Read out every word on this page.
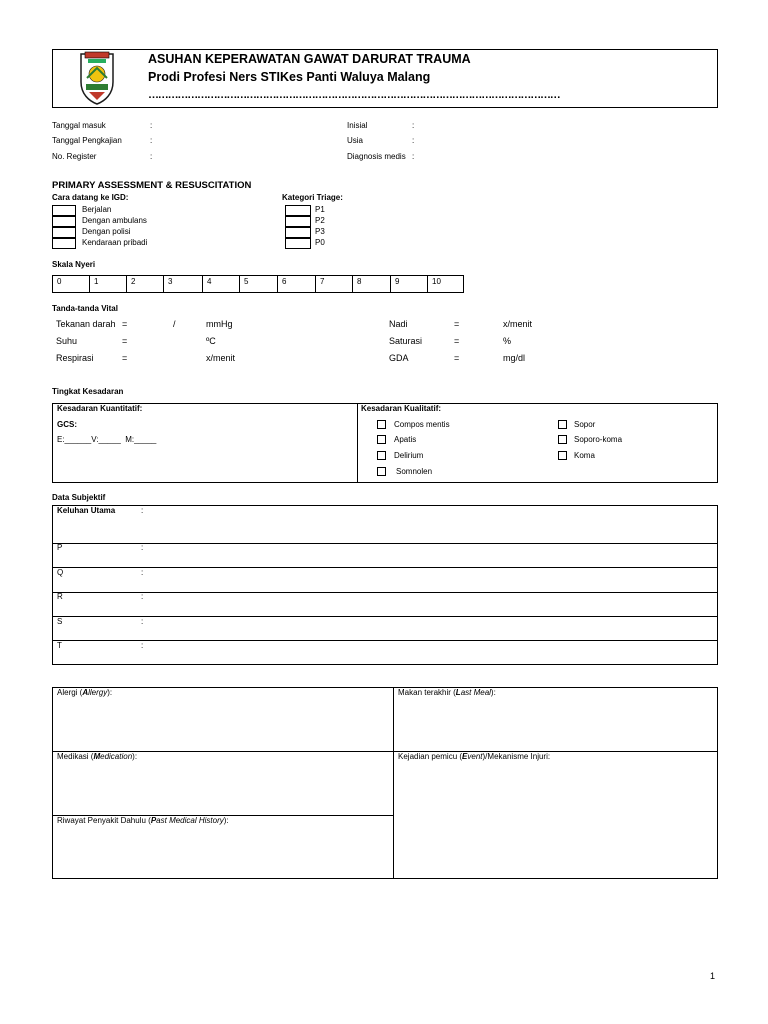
ASUHAN KEPERAWATAN GAWAT DARURAT TRAUMA
Prodi Profesi Ners STIKes Panti Waluya Malang
………………………………………………………………………………………………………………
Tanggal masuk	:
Tanggal Pengkajian	:
No. Register	:
Inisial	:
Usia	:
Diagnosis medis :
PRIMARY ASSESSMENT & RESUSCITATION
Cara datang ke IGD:
Berjalan
Dengan ambulans
Dengan polisi
Kendaraan pribadi
Kategori Triage:
P1
P2
P3
P0
Skala Nyeri
0	1	2	3	4	5	6	7	8	9	10
Tanda-tanda Vital
Tekanan darah =	/	mmHg	Nadi	=	x/menit
Suhu	=	ºC	Saturasi	=	%
Respirasi	=	x/menit	GDA	=	mg/dl
Tingkat Kesadaran
Kesadaran Kuantitatif:
GCS:
E:______V:_____  M:_____
Kesadaran Kualitatif:
Compos mentis
Apatis
Delirium
Somnolen
Sopor
Soporo-koma
Koma
Data Subjektif
Keluhan Utama	:
P	:
Q	:
R	:
S	:
T	:
Alergi (Allergy):	Makan terakhir (Last Meal):
Medikasi (Medication):	Kejadian pemicu (Event)/Mekanisme Injuri:
Riwayat Penyakit Dahulu (Past Medical History):
1
